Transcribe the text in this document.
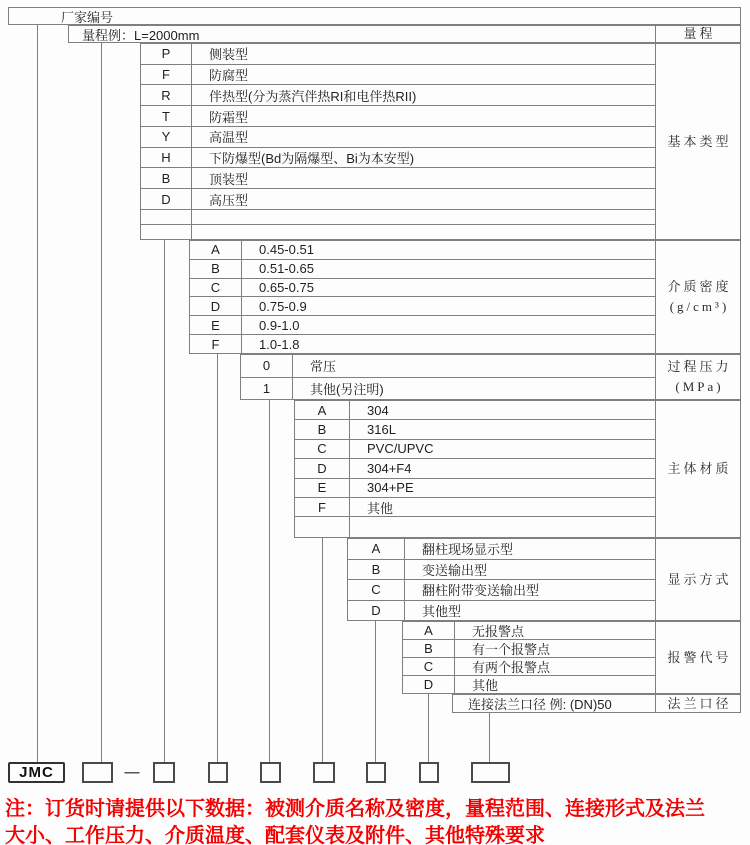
厂家编号
量程例：L=2000mm	量程
P	侧装型
F	防腐型
R	伴热型(分为蒸汽伴热RI和电伴热RII)
T	防霜型
Y	高温型
H	下防爆型(Bd为隔爆型、Bi为本安型)
B	顶装型
D	高压型
基本类型
A	0.45-0.51
B	0.51-0.65
C	0.65-0.75
D	0.75-0.9
E	0.9-1.0
F	1.0-1.8
介质密度
(g/cm³)
0	常压
1	其他(另注明)
过程压力
(MPa)
A	304
B	316L
C	PVC/UPVC
D	304+F4
E	304+PE
F	其他
主体材质
A	翻柱现场显示型
B	变送输出型
C	翻柱附带变送输出型
D	其他型
显示方式
A	无报警点
B	有一个报警点
C	有两个报警点
D	其他
报警代号
连接法兰口径 例: (DN)50	法兰口径
JMC	—
注：订货时请提供以下数据：被测介质名称及密度，量程范围、连接形式及法兰
大小、工作压力、介质温度、配套仪表及附件、其他特殊要求
